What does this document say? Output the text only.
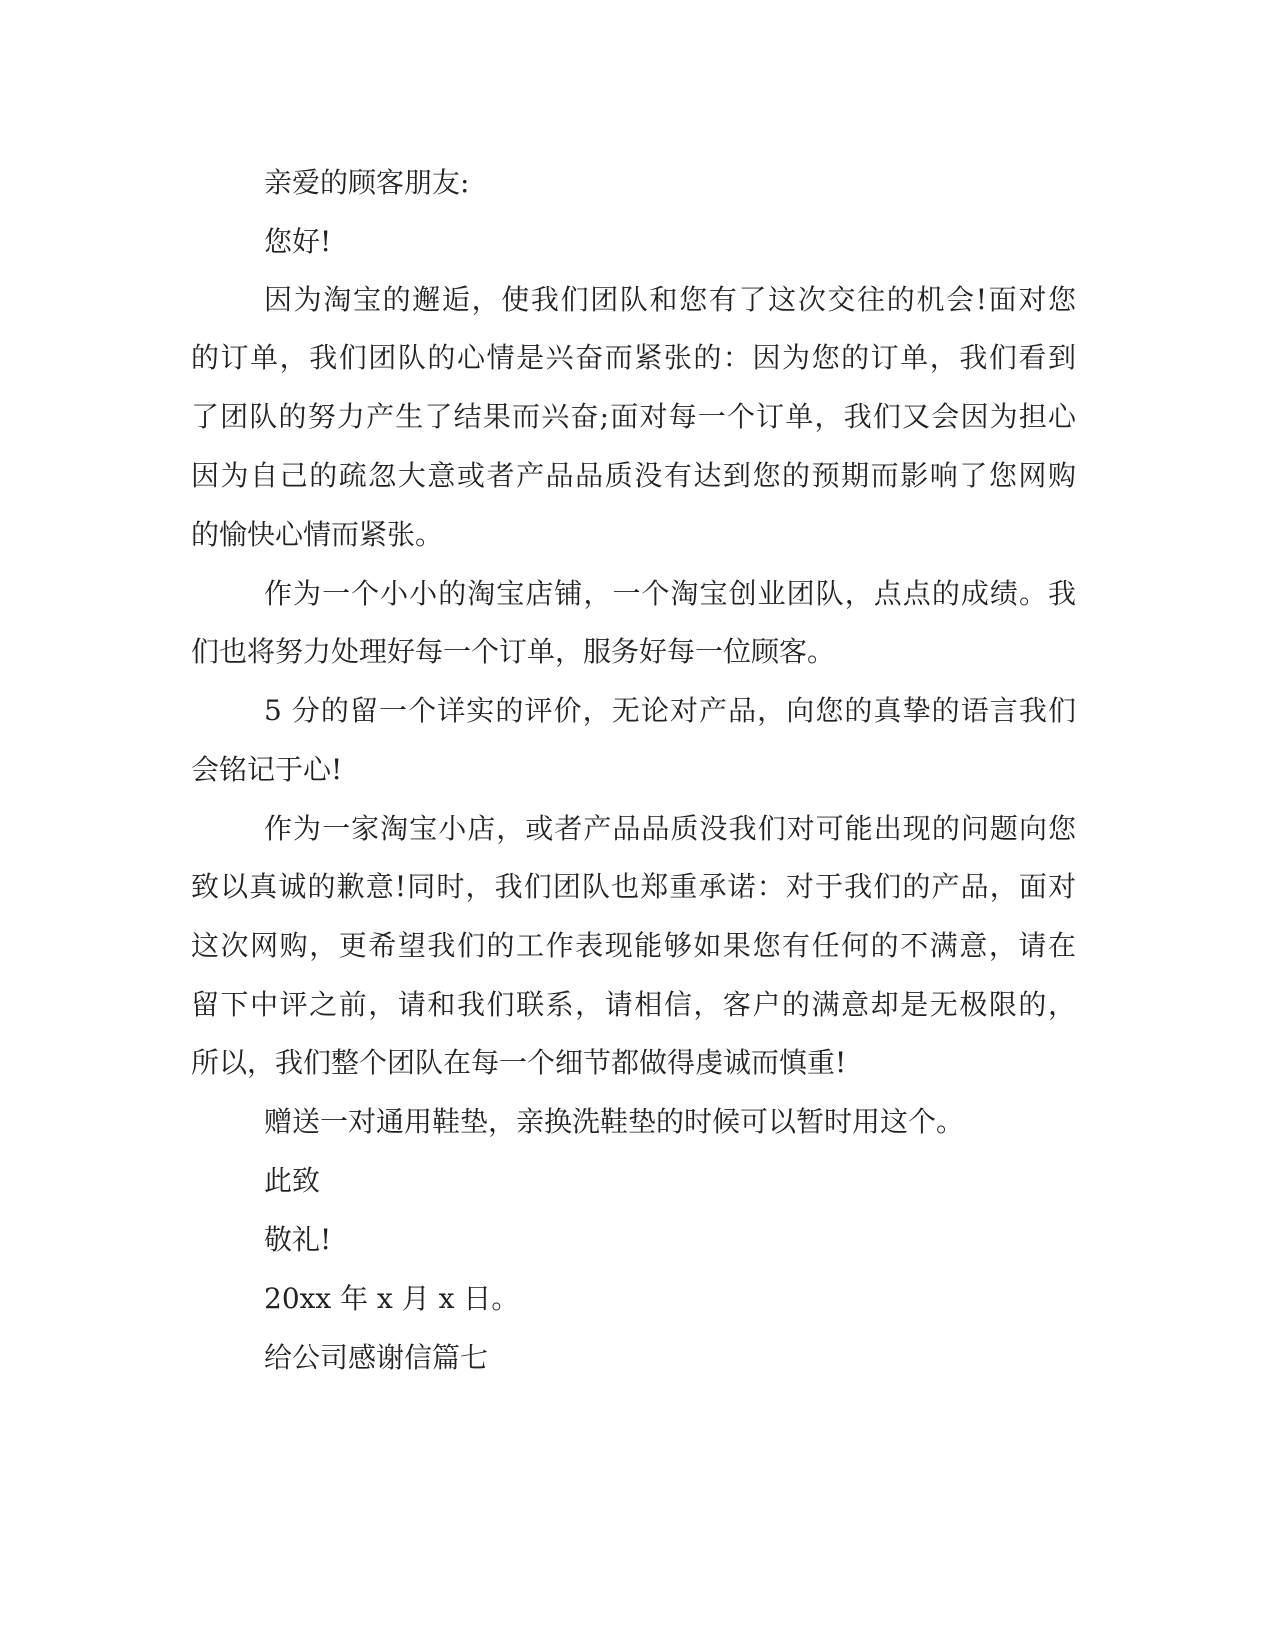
亲爱的顾客朋友:
您好!
因为淘宝的邂逅，使我们团队和您有了这次交往的机会!面对您
的订单，我们团队的心情是兴奋而紧张的：因为您的订单，我们看到
了团队的努力产生了结果而兴奋;面对每一个订单，我们又会因为担心
因为自己的疏忽大意或者产品品质没有达到您的预期而影响了您网购
的愉快心情而紧张。
作为一个小小的淘宝店铺，一个淘宝创业团队，点点的成绩。我
们也将努力处理好每一个订单，服务好每一位顾客。
5 分的留一个详实的评价，无论对产品，向您的真挚的语言我们
会铭记于心!
作为一家淘宝小店，或者产品品质没我们对可能出现的问题向您
致以真诚的歉意!同时，我们团队也郑重承诺：对于我们的产品，面对
这次网购，更希望我们的工作表现能够如果您有任何的不满意，请在
留下中评之前，请和我们联系，请相信，客户的满意却是无极限的，
所以，我们整个团队在每一个细节都做得虔诚而慎重!
赠送一对通用鞋垫，亲换洗鞋垫的时候可以暂时用这个。
此致
敬礼!
20xx 年 x 月 x 日。
给公司感谢信篇七
